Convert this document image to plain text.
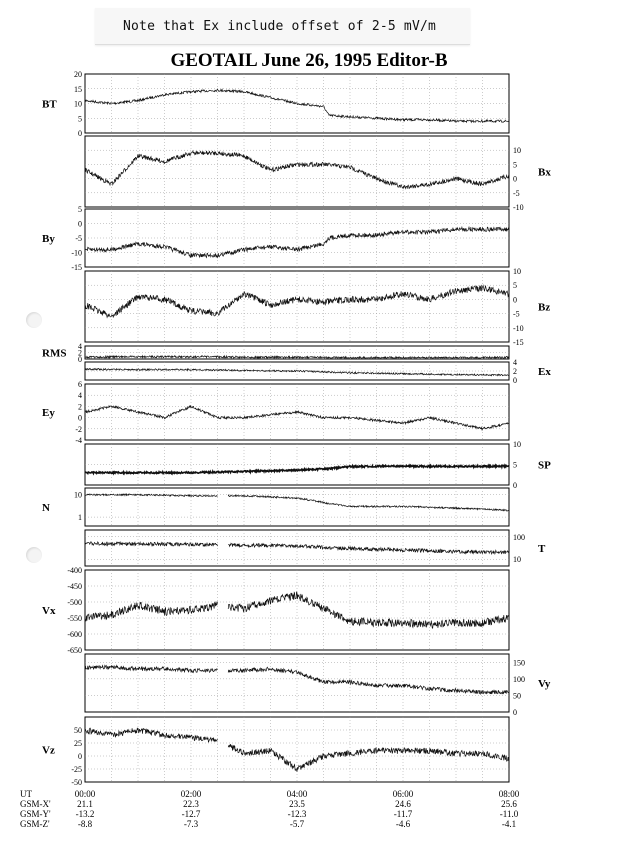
Note that Ex include offset of 2-5 mV/m
GEOTAIL June 26, 1995 Editor-B
0
5
10
15
20
BT
-10
-5
0
5
10
Bx
-15
-10
-5
0
5
By
-15
-10
-5
0
5
10
Bz
0
2
4
RMS
0
2
4
Ex
-4
-2
0
2
4
6
Ey
0
5
10
SP
1
10
N
10
100
T
-650
-600
-550
-500
-450
-400
Vx
0
50
100
150
Vy
-50
-25
0
25
50
Vz
UT	00:00	02:00	04:00	06:00	08:00
GSM-X'	21.1	22.3	23.5	24.6	25.6
GSM-Y'	-13.2	-12.7	-12.3	-11.7	-11.0
GSM-Z'	-8.8	-7.3	-5.7	-4.6	-4.1
